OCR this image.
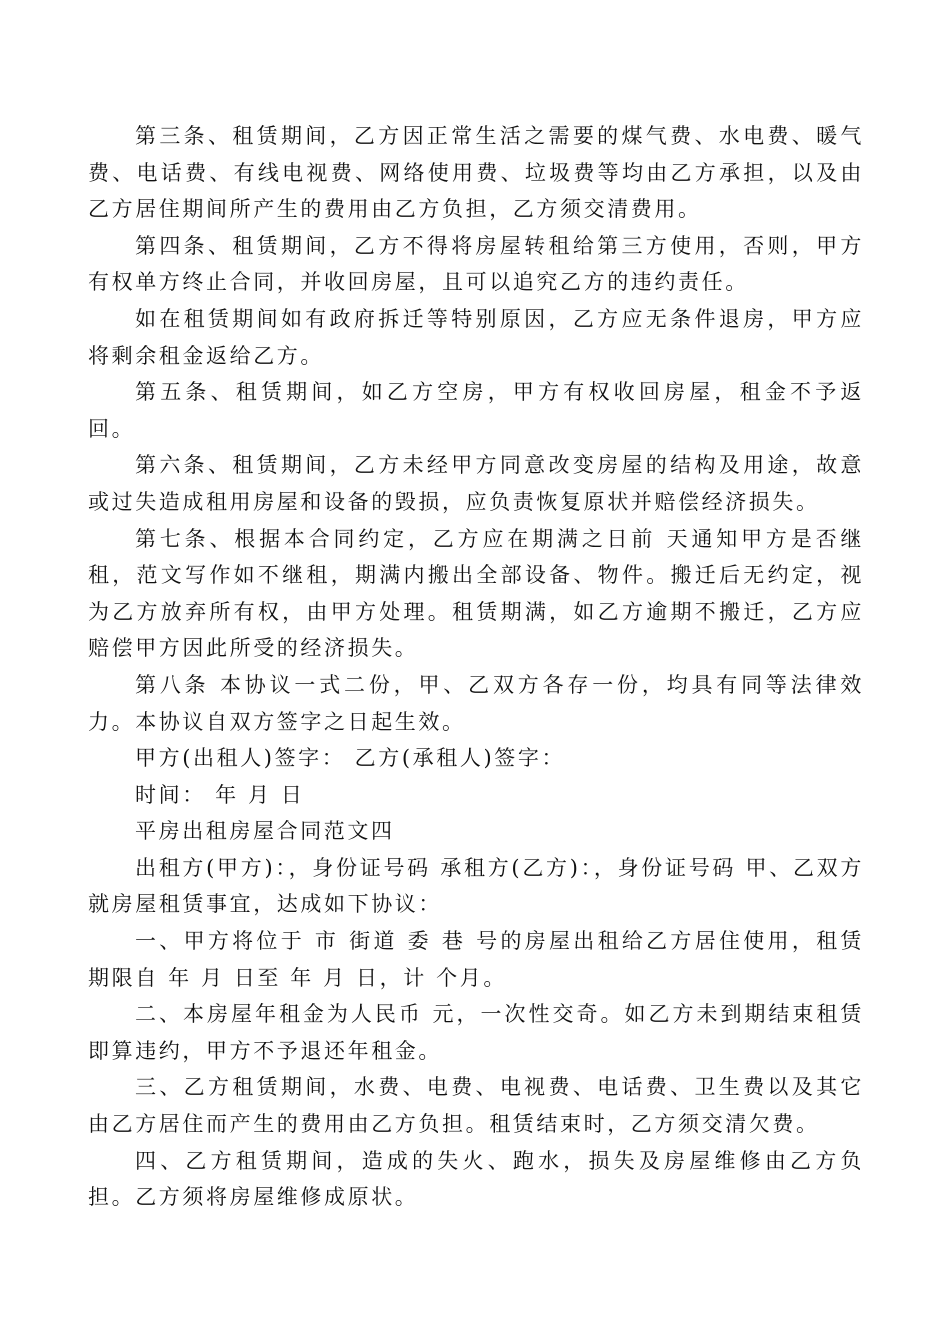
第三条、租赁期间，乙方因正常生活之需要的煤气费、水电费、暖气费、电话费、有线电视费、网络使用费、垃圾费等均由乙方承担，以及由乙方居住期间所产生的费用由乙方负担，乙方须交清费用。

第四条、租赁期间，乙方不得将房屋转租给第三方使用，否则，甲方有权单方终止合同，并收回房屋，且可以追究乙方的违约责任。

如在租赁期间如有政府拆迁等特别原因，乙方应无条件退房，甲方应将剩余租金返给乙方。

第五条、租赁期间，如乙方空房，甲方有权收回房屋，租金不予返回。

第六条、租赁期间，乙方未经甲方同意改变房屋的结构及用途，故意或过失造成租用房屋和设备的毁损，应负责恢复原状并赔偿经济损失。

第七条、根据本合同约定，乙方应在期满之日前 天通知甲方是否继租，范文写作如不继租，期满内搬出全部设备、物件。搬迁后无约定，视为乙方放弃所有权，由甲方处理。租赁期满，如乙方逾期不搬迁，乙方应赔偿甲方因此所受的经济损失。

第八条 本协议一式二份，甲、乙双方各存一份，均具有同等法律效力。本协议自双方签字之日起生效。

甲方(出租人)签字： 乙方(承租人)签字：

时间： 年 月 日

平房出租房屋合同范文四

出租方(甲方)：，身份证号码 承租方(乙方)：，身份证号码 甲、乙双方就房屋租赁事宜，达成如下协议：

一、甲方将位于 市 街道 委 巷 号的房屋出租给乙方居住使用，租赁期限自 年 月 日至 年 月 日，计 个月。

二、本房屋年租金为人民币 元，一次性交奇。如乙方未到期结束租赁即算违约，甲方不予退还年租金。

三、乙方租赁期间，水费、电费、电视费、电话费、卫生费以及其它由乙方居住而产生的费用由乙方负担。租赁结束时，乙方须交清欠费。

四、乙方租赁期间，造成的失火、跑水，损失及房屋维修由乙方负担。乙方须将房屋维修成原状。
